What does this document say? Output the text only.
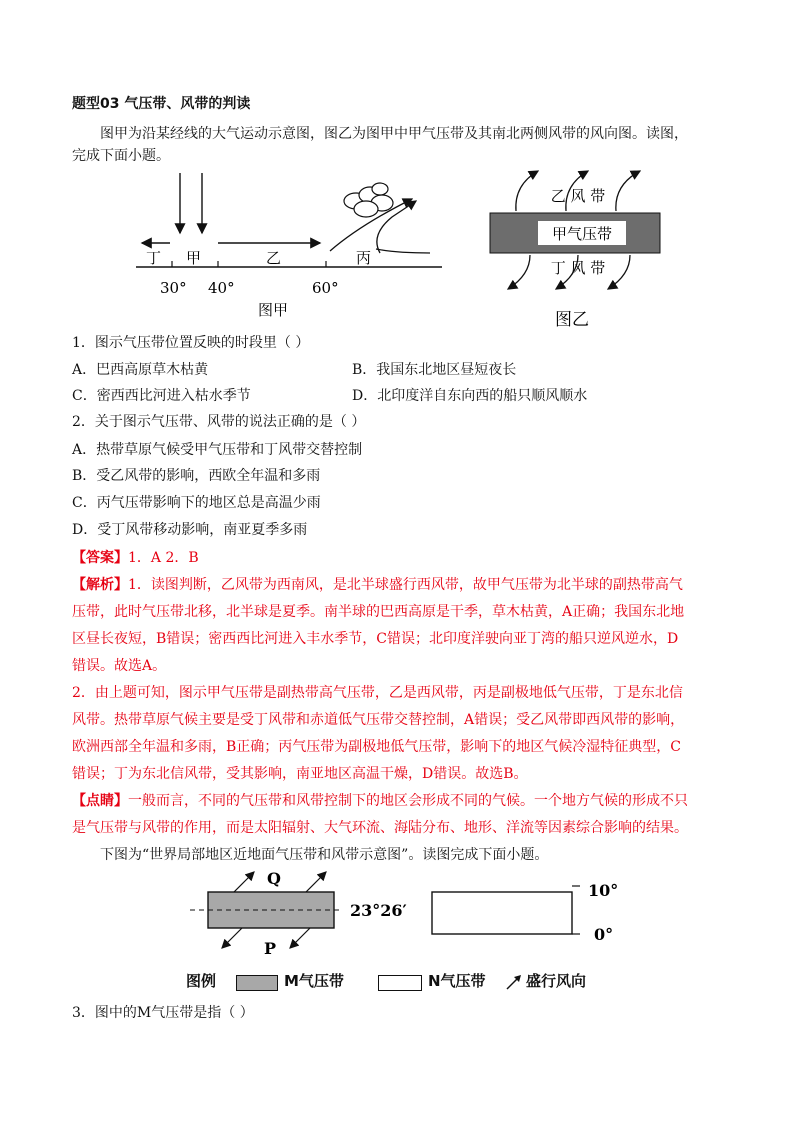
题型03 气压带、风带的判读
图甲为沿某经线的大气运动示意图，图乙为图甲中甲气压带及其南北两侧风带的风向图。读图，
完成下面小题。
丁 甲	乙	丙
30° 40°	60°
图甲
甲气压带
乙 风 带
丁 风 带
图乙
1．图示气压带位置反映的时段里（ ）
A．巴西高原草木枯黄	B．我国东北地区昼短夜长
C．密西西比河进入枯水季节	D．北印度洋自东向西的船只顺风顺水
2．关于图示气压带、风带的说法正确的是（ ）
A．热带草原气候受甲气压带和丁风带交替控制
B．受乙风带的影响，西欧全年温和多雨
C．丙气压带影响下的地区总是高温少雨
D．受丁风带移动影响，南亚夏季多雨
【答案】1．A 2．B
【解析】1．读图判断，乙风带为西南风，是北半球盛行西风带，故甲气压带为北半球的副热带高气
压带，此时气压带北移，北半球是夏季。南半球的巴西高原是干季，草木枯黄，A正确；我国东北地
区昼长夜短，B错误；密西西比河进入丰水季节，C错误；北印度洋驶向亚丁湾的船只逆风逆水，D
错误。故选A。
2．由上题可知，图示甲气压带是副热带高气压带，乙是西风带，丙是副极地低气压带，丁是东北信
风带。热带草原气候主要是受丁风带和赤道低气压带交替控制，A错误；受乙风带即西风带的影响，
欧洲西部全年温和多雨，B正确；丙气压带为副极地低气压带，影响下的地区气候冷湿特征典型，C
错误；丁为东北信风带，受其影响，南亚地区高温干燥，D错误。故选B。
【点睛】一般而言，不同的气压带和风带控制下的地区会形成不同的气候。一个地方气候的形成不只
是气压带与风带的作用，而是太阳辐射、大气环流、海陆分布、地形、洋流等因素综合影响的结果。
下图为“世界局部地区近地面气压带和风带示意图”。读图完成下面小题。
Q
P
23°26′
10°
0°
图例	M气压带	N气压带	盛行风向
3．图中的M气压带是指（ ）
